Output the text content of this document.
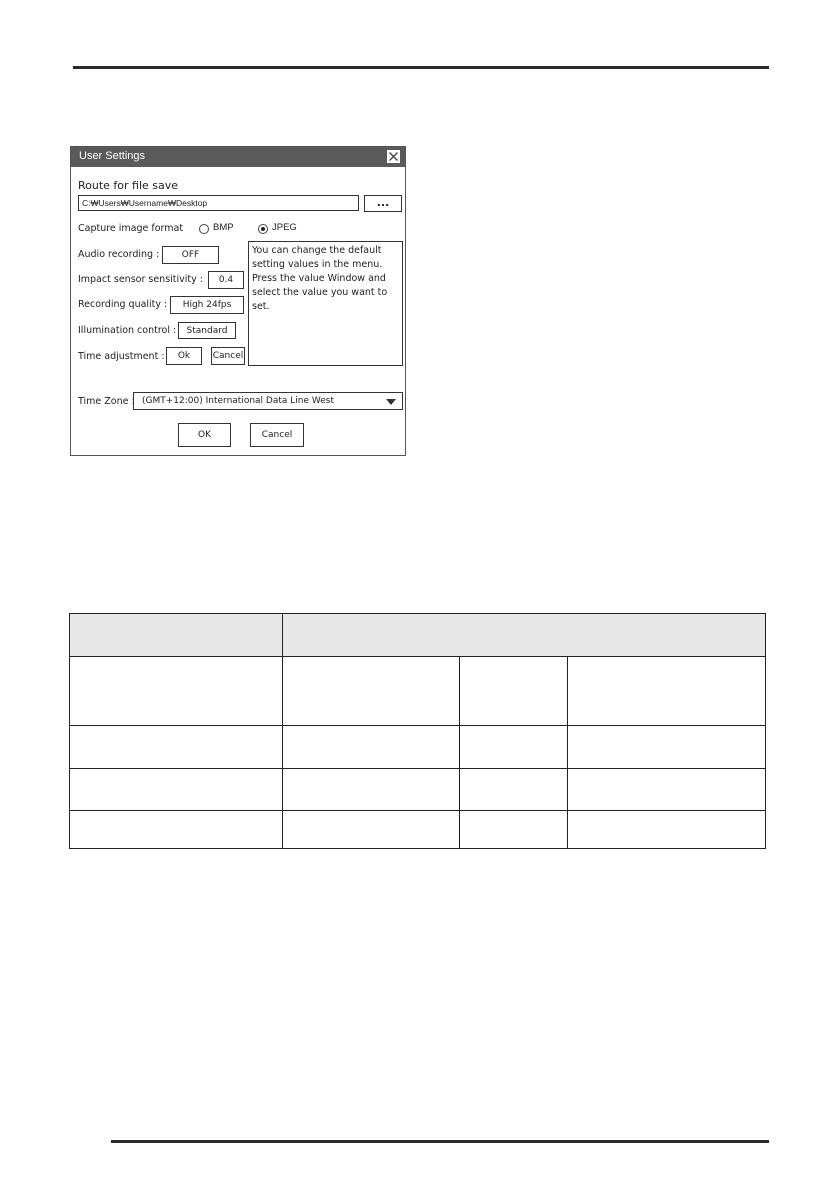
User Settings
Route for file save
C:₩Users₩Username₩Desktop	...
Capture image format	BMP	JPEG
Audio recording :	OFF
Impact sensor sensitivity :	0.4
Recording quality :	High 24fps
Illumination control :	Standard
Time adjustment :	Ok	Cancel
You can change the default setting values in the menu. Press the value Window and select the value you want to set.
Time Zone : (GMT+12:00) International Data Line West
OK	Cancel
